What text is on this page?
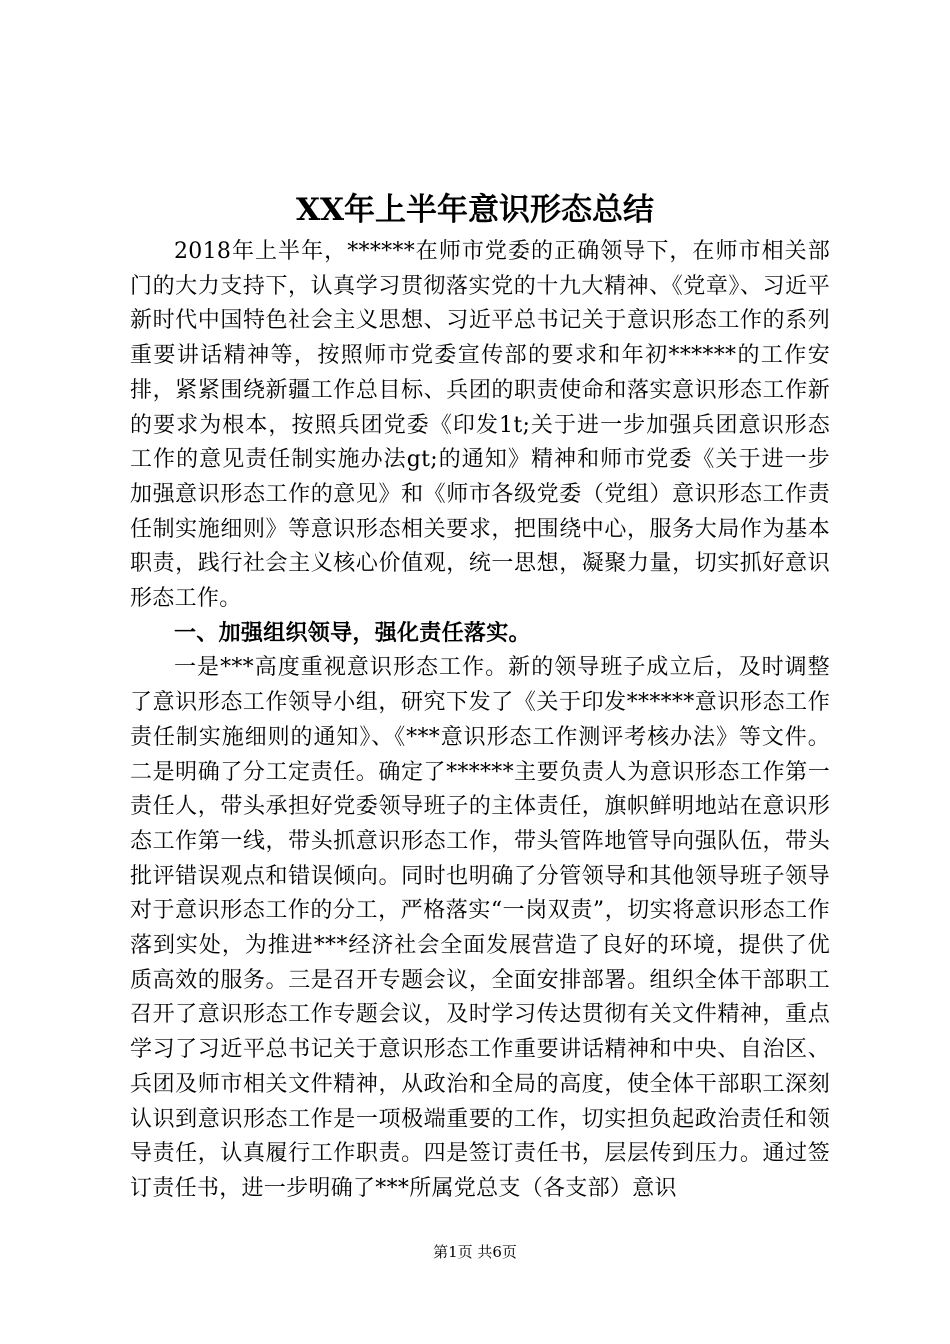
XX年上半年意识形态总结

2018年上半年，******在师市党委的正确领导下，在师市相关部门的大力支持下，认真学习贯彻落实党的十九大精神、《党章》、习近平新时代中国特色社会主义思想、习近平总书记关于意识形态工作的系列重要讲话精神等，按照师市党委宣传部的要求和年初******的工作安排，紧紧围绕新疆工作总目标、兵团的职责使命和落实意识形态工作新的要求为根本，按照兵团党委《印发1t;关于进一步加强兵团意识形态工作的意见责任制实施办法gt;的通知》精神和师市党委《关于进一步加强意识形态工作的意见》和《师市各级党委（党组）意识形态工作责任制实施细则》等意识形态相关要求，把围绕中心，服务大局作为基本职责，践行社会主义核心价值观，统一思想，凝聚力量，切实抓好意识形态工作。

一、加强组织领导，强化责任落实。

一是***高度重视意识形态工作。新的领导班子成立后，及时调整了意识形态工作领导小组，研究下发了《关于印发******意识形态工作责任制实施细则的通知》、《***意识形态工作测评考核办法》等文件。二是明确了分工定责任。确定了******主要负责人为意识形态工作第一责任人，带头承担好党委领导班子的主体责任，旗帜鲜明地站在意识形态工作第一线，带头抓意识形态工作，带头管阵地管导向强队伍，带头批评错误观点和错误倾向。同时也明确了分管领导和其他领导班子领导对于意识形态工作的分工，严格落实“一岗双责”，切实将意识形态工作落到实处，为推进***经济社会全面发展营造了良好的环境，提供了优质高效的服务。三是召开专题会议，全面安排部署。组织全体干部职工召开了意识形态工作专题会议，及时学习传达贯彻有关文件精神，重点学习了习近平总书记关于意识形态工作重要讲话精神和中央、自治区、兵团及师市相关文件精神，从政治和全局的高度，使全体干部职工深刻认识到意识形态工作是一项极端重要的工作，切实担负起政治责任和领导责任，认真履行工作职责。四是签订责任书，层层传到压力。通过签订责任书，进一步明确了***所属党总支（各支部）意识

第1页 共6页
